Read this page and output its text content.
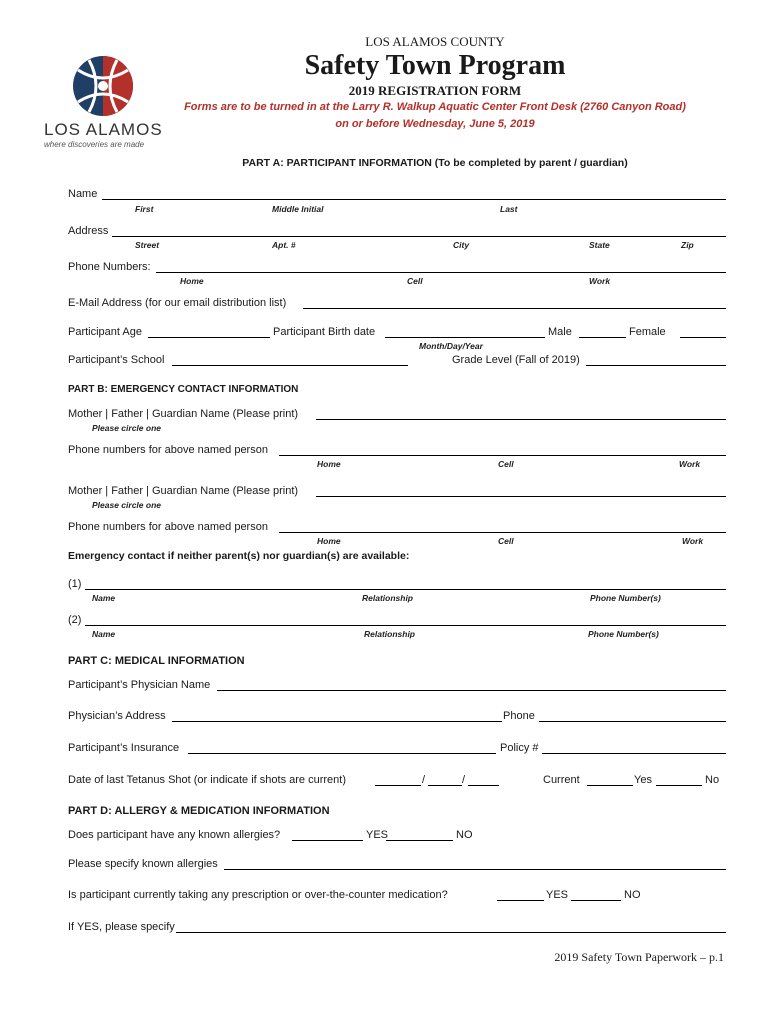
LOS ALAMOS
where discoveries are made
LOS ALAMOS COUNTY
Safety Town Program
2019 REGISTRATION FORM
Forms are to be turned in at the Larry R. Walkup Aquatic Center Front Desk (2760 Canyon Road)
on or before Wednesday, June 5, 2019
PART A: PARTICIPANT INFORMATION (To be completed by parent / guardian)
Name
First	Middle Initial	Last
Address
Street	Apt. #	City	State	Zip
Phone Numbers:
Home	Cell	Work
E-Mail Address (for our email distribution list)
Participant Age	Participant Birth date	Male	Female
Month/Day/Year
Participant’s School	Grade Level (Fall of 2019)
PART B: EMERGENCY CONTACT INFORMATION
Mother | Father | Guardian Name (Please print)
Please circle one
Phone numbers for above named person
Home	Cell	Work
Mother | Father | Guardian Name (Please print)
Please circle one
Phone numbers for above named person
Home	Cell	Work
Emergency contact if neither parent(s) nor guardian(s) are available:
(1)
Name	Relationship	Phone Number(s)
(2)
Name	Relationship	Phone Number(s)
PART C: MEDICAL INFORMATION
Participant’s Physician Name
Physician’s Address	Phone
Participant’s Insurance	Policy #
Date of last Tetanus Shot (or indicate if shots are current)	/	/	Current	Yes	No
PART D: ALLERGY & MEDICATION INFORMATION
Does participant have any known allergies?	YES	NO
Please specify known allergies
Is participant currently taking any prescription or over-the-counter medication?	YES	NO
If YES, please specify
2019 Safety Town Paperwork – p.1
